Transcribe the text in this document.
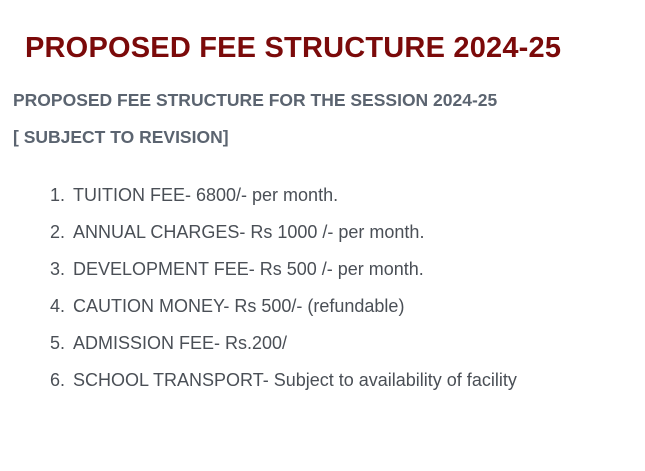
PROPOSED FEE STRUCTURE 2024-25
PROPOSED FEE STRUCTURE FOR THE SESSION 2024-25
[ SUBJECT TO REVISION]
1. TUITION FEE- 6800/- per month.
2. ANNUAL CHARGES- Rs 1000 /- per month.
3. DEVELOPMENT FEE- Rs 500 /- per month.
4. CAUTION MONEY- Rs 500/- (refundable)
5. ADMISSION FEE- Rs.200/
6. SCHOOL TRANSPORT- Subject to availability of facility
